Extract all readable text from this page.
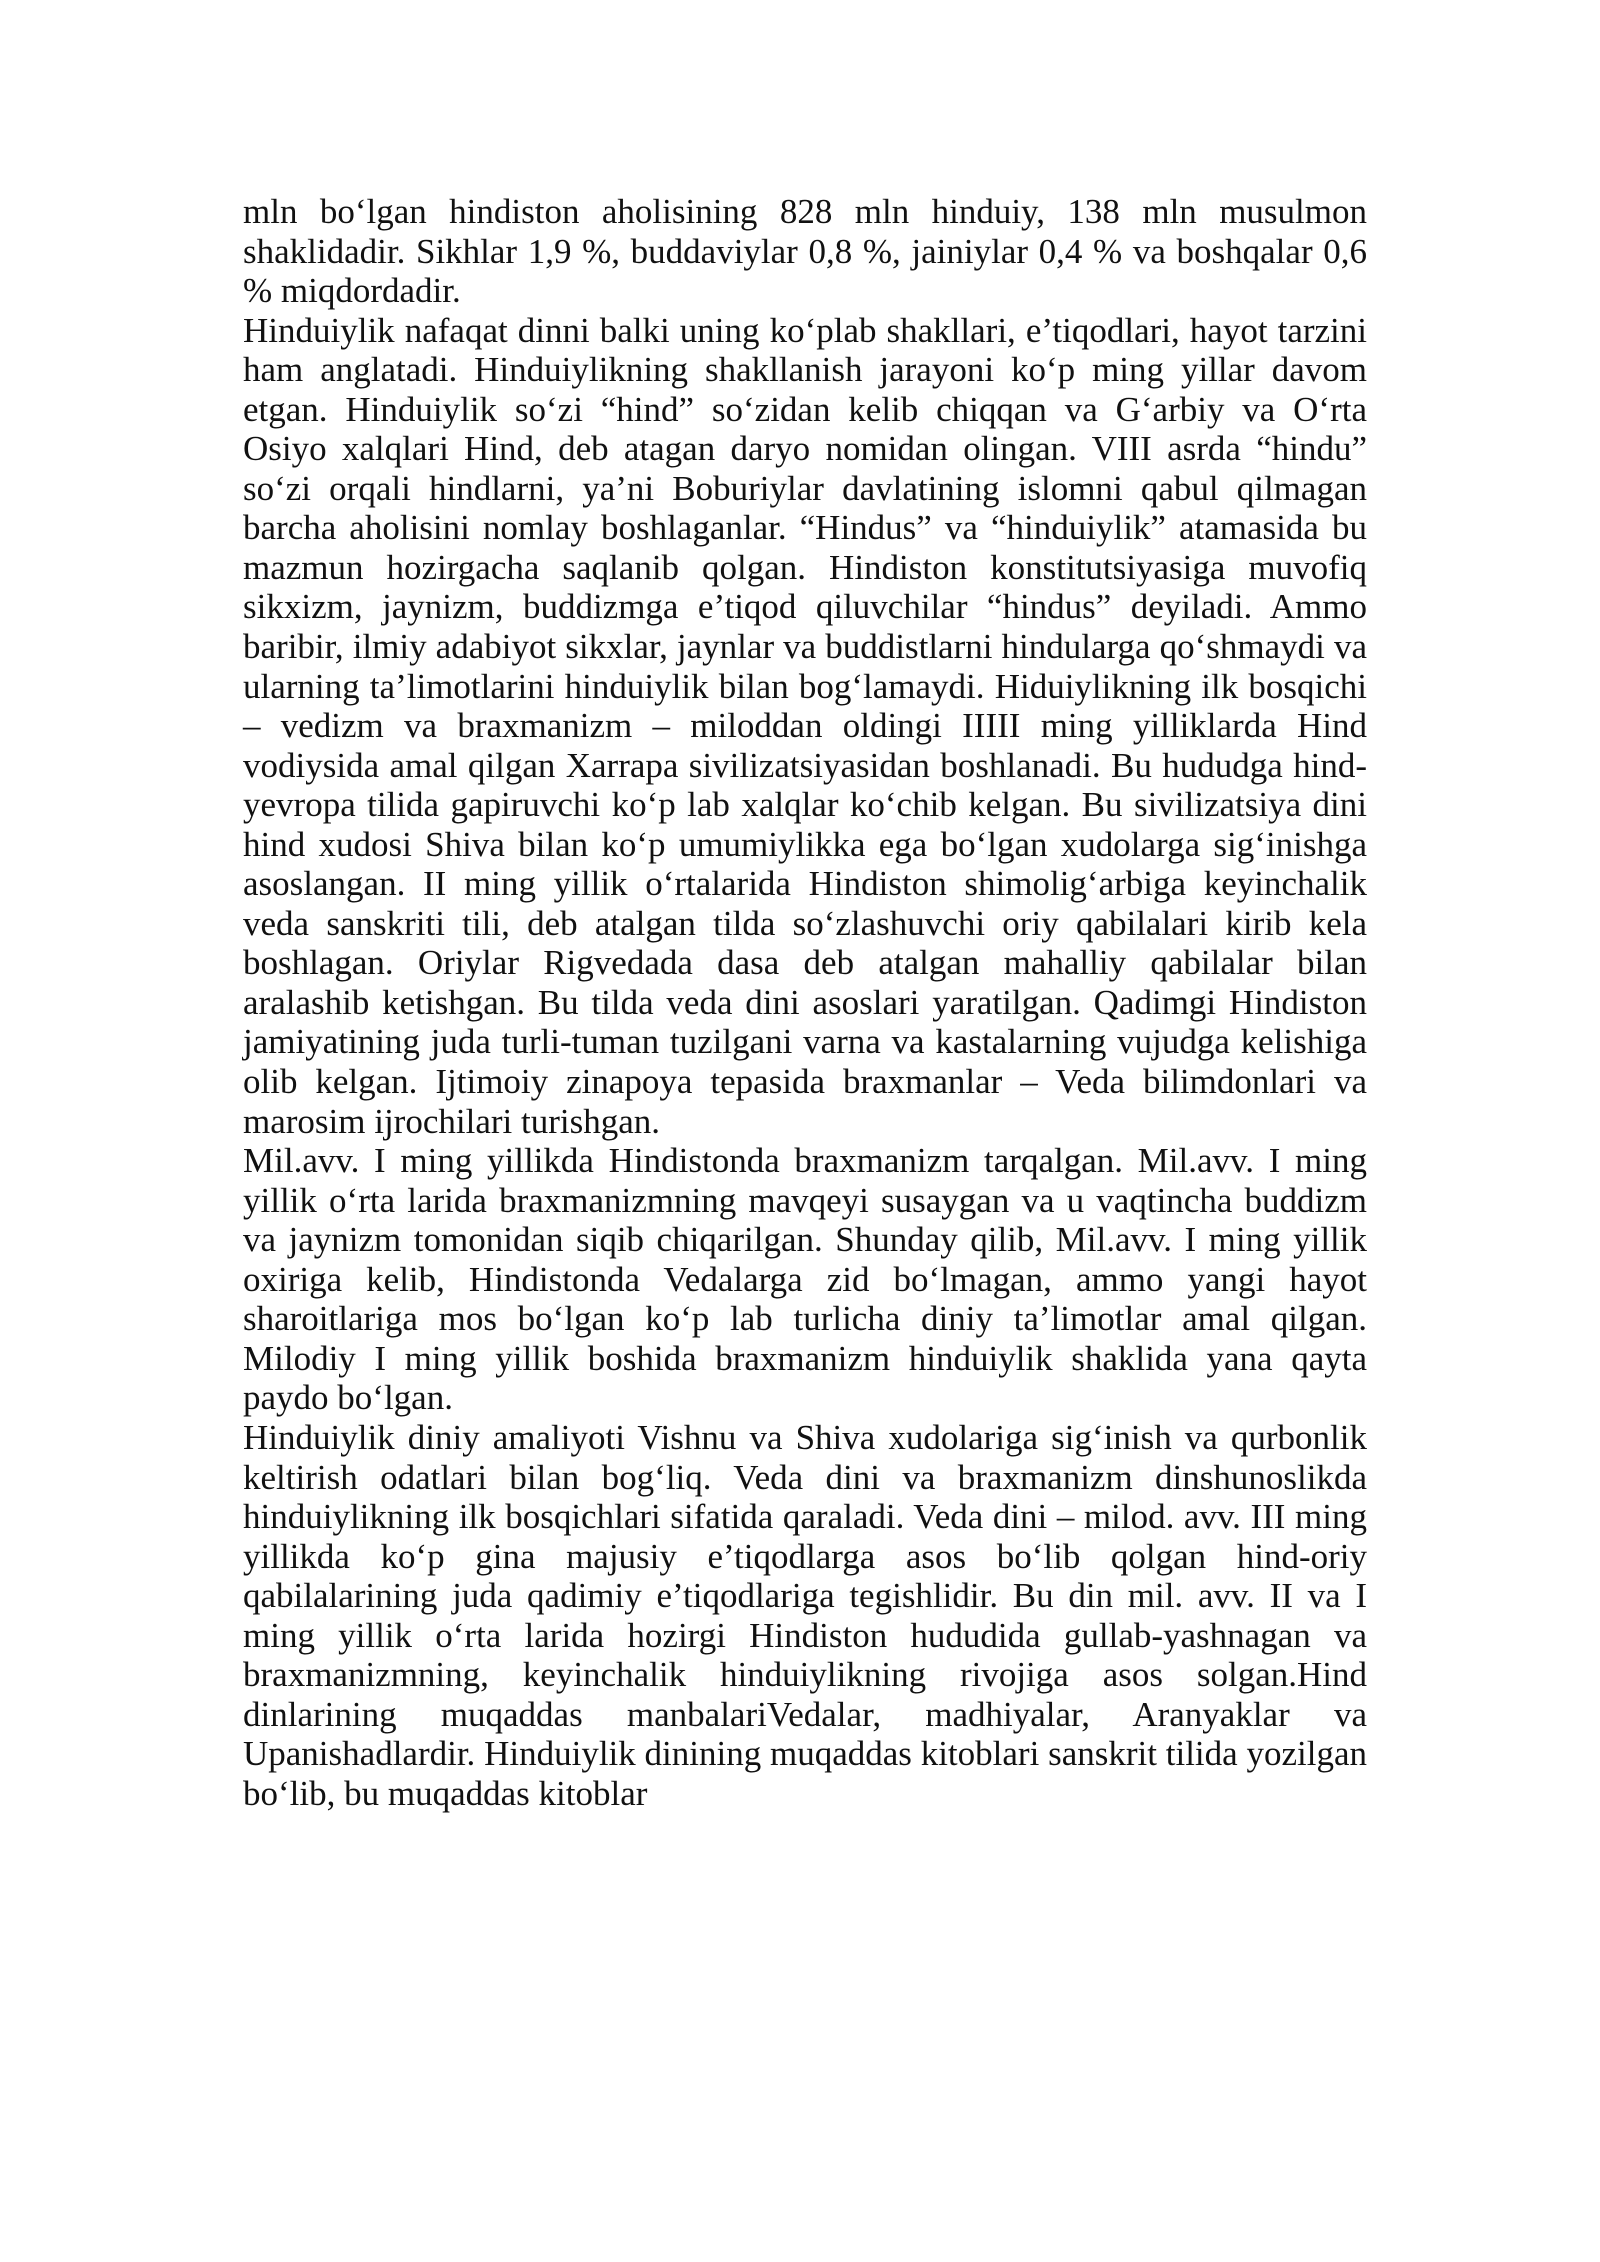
mln bo‘lgan hindiston aholisining 828 mln hinduiy, 138 mln musulmon shaklidadir. Sikhlar 1,9 %, buddaviylar 0,8 %, jainiylar 0,4 % va boshqalar 0,6 % miqdordadir.

Hinduiylik nafaqat dinni balki uning ko‘plab shakllari, e’tiqodlari, hayot tarzini ham anglatadi. Hinduiylikning shakllanish jarayoni ko‘p ming yillar davom etgan. Hinduiylik so‘zi “hind” so‘zidan kelib chiqqan va G‘arbiy va O‘rta Osiyo xalqlari Hind, deb atagan daryo nomidan olingan. VIII asrda “hindu” so‘zi orqali hindlarni, ya’ni Boburiylar davlatining islomni qabul qilmagan barcha aholisini nomlay boshlaganlar. “Hindus” va “hinduiylik” atamasida bu mazmun hozirgacha saqlanib qolgan. Hindiston konstitutsiyasiga muvofiq sikxizm, jaynizm, buddizmga e’tiqod qiluvchilar “hindus” deyiladi. Ammo baribir, ilmiy adabiyot sikxlar, jaynlar va buddistlarni hindularga qo‘shmaydi va ularning ta’limotlarini hinduiylik bilan bog‘lamaydi. Hiduiylikning ilk bosqichi – vedizm va braxmanizm – miloddan oldingi IIIII ming yilliklarda Hind vodiysida amal qilgan Xarrapa sivilizatsiyasidan boshlanadi. Bu hududga hind-yevropa tilida gapiruvchi ko‘p lab xalqlar ko‘chib kelgan. Bu sivilizatsiya dini hind xudosi Shiva bilan ko‘p umumiylikka ega bo‘lgan xudolarga sig‘inishga asoslangan. II ming yillik o‘rtalarida Hindiston shimolig‘arbiga keyinchalik veda sanskriti tili, deb atalgan tilda so‘zlashuvchi oriy qabilalari kirib kela boshlagan. Oriylar Rigvedada dasa deb atalgan mahalliy qabilalar bilan aralashib ketishgan. Bu tilda veda dini asoslari yaratilgan. Qadimgi Hindiston jamiyatining juda turli-tuman tuzilgani varna va kastalarning vujudga kelishiga olib kelgan. Ijtimoiy zinapoya tepasida braxmanlar – Veda bilimdonlari va marosim ijrochilari turishgan.

Mil.avv. I ming yillikda Hindistonda braxmanizm tarqalgan. Mil.avv. I ming yillik o‘rta larida braxmanizmning mavqeyi susaygan va u vaqtincha buddizm va jaynizm tomonidan siqib chiqarilgan. Shunday qilib, Mil.avv. I ming yillik oxiriga kelib, Hindistonda Vedalarga zid bo‘lmagan, ammo yangi hayot sharoitlariga mos bo‘lgan ko‘p lab turlicha diniy ta’limotlar amal qilgan. Milodiy I ming yillik boshida braxmanizm hinduiylik shaklida yana qayta paydo bo‘lgan.

Hinduiylik diniy amaliyoti Vishnu va Shiva xudolariga sig‘inish va qurbonlik keltirish odatlari bilan bog‘liq. Veda dini va braxmanizm dinshunoslikda hinduiylikning ilk bosqichlari sifatida qaraladi. Veda dini – milod. avv. III ming yillikda ko‘p gina majusiy e’tiqodlarga asos bo‘lib qolgan hind-oriy qabilalarining juda qadimiy e’tiqodlariga tegishlidir. Bu din mil. avv. II va I ming yillik o‘rta larida hozirgi Hindiston hududida gullab-yashnagan va braxmanizmning, keyinchalik hinduiylikning rivojiga asos solgan.Hind dinlarining muqaddas manbalariVedalar, madhiyalar, Aranyaklar va Upanishadlardir. Hinduiylik dinining muqaddas kitoblari sanskrit tilida yozilgan bo‘lib, bu muqaddas kitoblar
